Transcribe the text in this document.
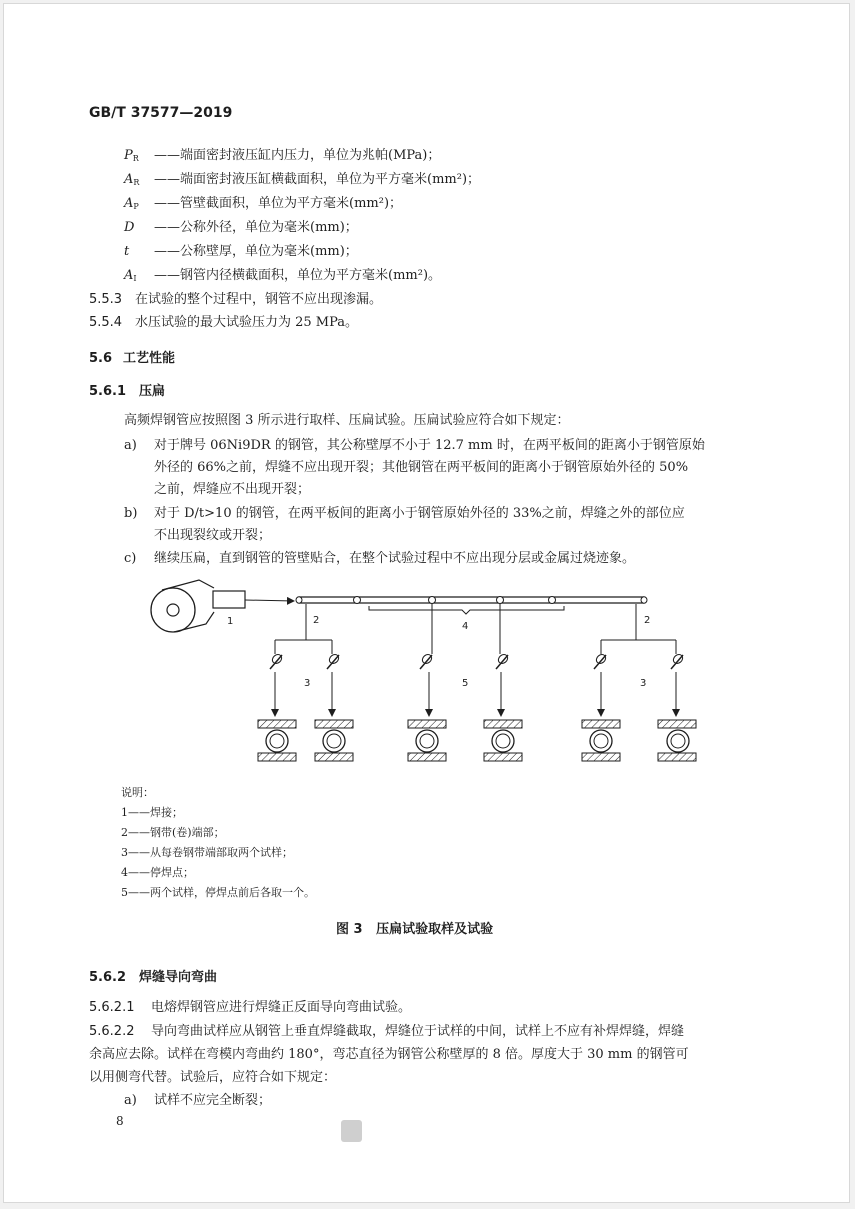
GB/T 37577—2019
$P_R$ ——端面密封液压缸内压力，单位为兆帕(MPa)；
$A_R$ ——端面密封液压缸横截面积，单位为平方毫米(mm²)；
$A_P$ ——管壁截面积，单位为平方毫米(mm²)；
D ——公称外径，单位为毫米(mm)；
t ——公称壁厚，单位为毫米(mm)；
$A_I$ ——钢管内径横截面积，单位为平方毫米(mm²)。
5.5.3 在试验的整个过程中，钢管不应出现渗漏。
5.5.4 水压试验的最大试验压力为 25 MPa。
5.6 工艺性能
5.6.1 压扁
高频焊钢管应按照图 3 所示进行取样、压扁试验。压扁试验应符合如下规定：
a) 对于牌号 06Ni9DR 的钢管，其公称壁厚不小于 12.7 mm 时，在两平板间的距离小于钢管原始
外径的 66%之前，焊缝不应出现开裂；其他钢管在两平板间的距离小于钢管原始外径的 50%
之前，焊缝应不出现开裂；
b) 对于 D/t>10 的钢管，在两平板间的距离小于钢管原始外径的 33%之前，焊缝之外的部位应
不出现裂纹或开裂；
c) 继续压扁，直到钢管的管壁贴合，在整个试验过程中不应出现分层或金属过烧迹象。
1	2	2
3
4
5	3
说明：
1——焊接；
2——钢带(卷)端部；
3——从每卷钢带端部取两个试样；
4——停焊点；
5——两个试样，停焊点前后各取一个。
图 3   压扁试验取样及试验
5.6.2 焊缝导向弯曲
5.6.2.1 电熔焊钢管应进行焊缝正反面导向弯曲试验。
5.6.2.2 导向弯曲试样应从钢管上垂直焊缝截取，焊缝位于试样的中间，试样上不应有补焊焊缝，焊缝
余高应去除。试样在弯模内弯曲约 180°，弯芯直径为钢管公称壁厚的 8 倍。厚度大于 30 mm 的钢管可
以用侧弯代替。试验后，应符合如下规定：
a) 试样不应完全断裂；
8
